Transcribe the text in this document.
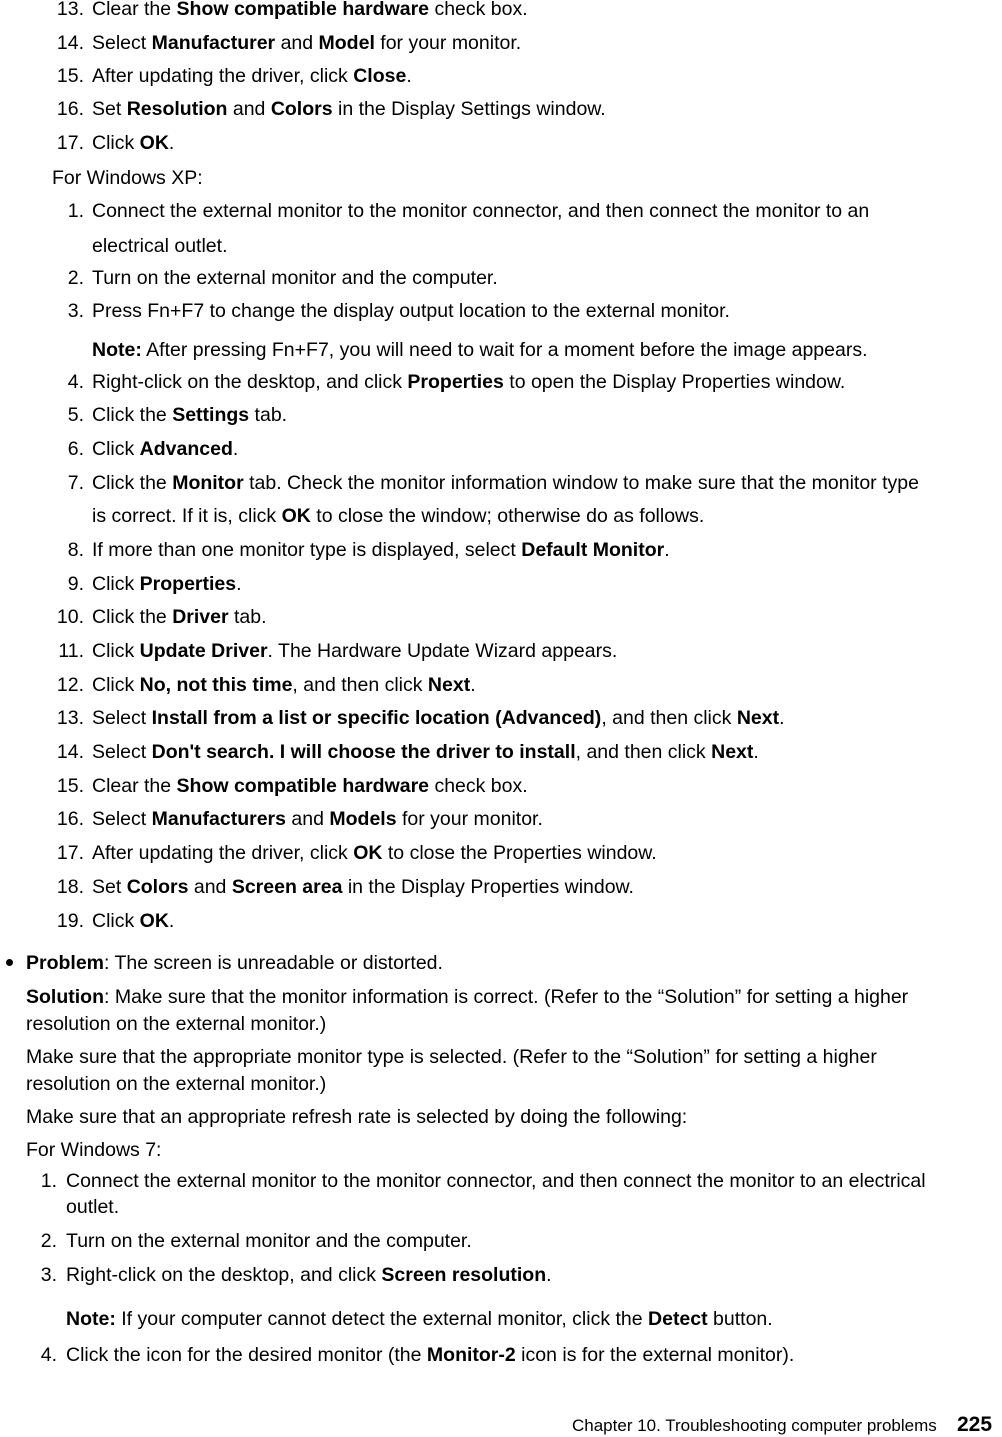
13. Clear the Show compatible hardware check box.
14. Select Manufacturer and Model for your monitor.
15. After updating the driver, click Close.
16. Set Resolution and Colors in the Display Settings window.
17. Click OK.
For Windows XP:
1. Connect the external monitor to the monitor connector, and then connect the monitor to an
electrical outlet.
2. Turn on the external monitor and the computer.
3. Press Fn+F7 to change the display output location to the external monitor.
Note: After pressing Fn+F7, you will need to wait for a moment before the image appears.
4. Right-click on the desktop, and click Properties to open the Display Properties window.
5. Click the Settings tab.
6. Click Advanced.
7. Click the Monitor tab. Check the monitor information window to make sure that the monitor type
is correct. If it is, click OK to close the window; otherwise do as follows.
8. If more than one monitor type is displayed, select Default Monitor.
9. Click Properties.
10. Click the Driver tab.
11. Click Update Driver. The Hardware Update Wizard appears.
12. Click No, not this time, and then click Next.
13. Select Install from a list or specific location (Advanced), and then click Next.
14. Select Don't search. I will choose the driver to install, and then click Next.
15. Clear the Show compatible hardware check box.
16. Select Manufacturers and Models for your monitor.
17. After updating the driver, click OK to close the Properties window.
18. Set Colors and Screen area in the Display Properties window.
19. Click OK.
Problem: The screen is unreadable or distorted.
Solution: Make sure that the monitor information is correct. (Refer to the “Solution” for setting a higher
resolution on the external monitor.)
Make sure that the appropriate monitor type is selected. (Refer to the “Solution” for setting a higher
resolution on the external monitor.)
Make sure that an appropriate refresh rate is selected by doing the following:
For Windows 7:
1. Connect the external monitor to the monitor connector, and then connect the monitor to an electrical
outlet.
2. Turn on the external monitor and the computer.
3. Right-click on the desktop, and click Screen resolution.
Note: If your computer cannot detect the external monitor, click the Detect button.
4. Click the icon for the desired monitor (the Monitor-2 icon is for the external monitor).
Chapter 10. Troubleshooting computer problems 225
